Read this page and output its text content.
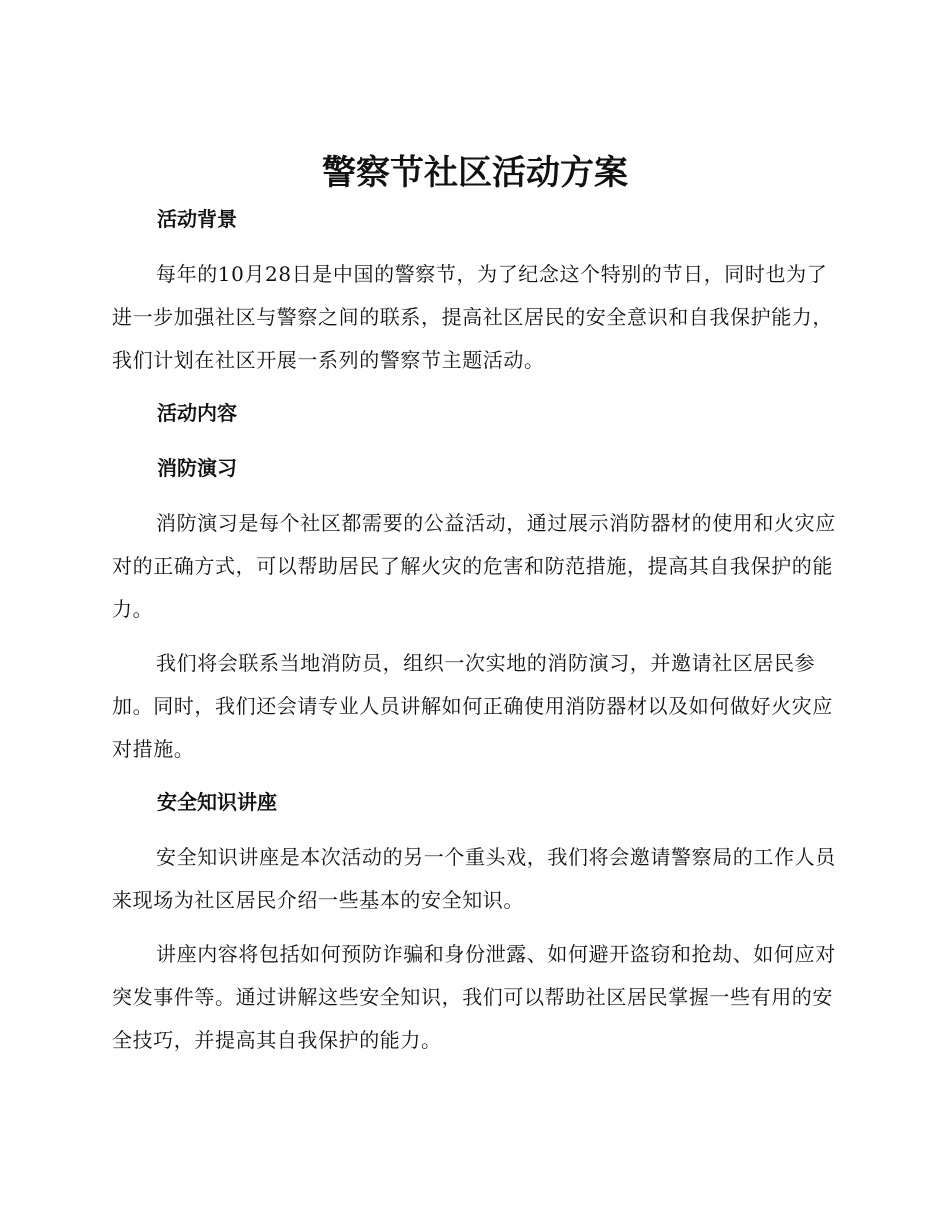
警察节社区活动方案
活动背景

每年的10月28日是中国的警察节，为了纪念这个特别的节日，同时也为了进一步加强社区与警察之间的联系，提高社区居民的安全意识和自我保护能力，我们计划在社区开展一系列的警察节主题活动。

活动内容
消防演习

消防演习是每个社区都需要的公益活动，通过展示消防器材的使用和火灾应对的正确方式，可以帮助居民了解火灾的危害和防范措施，提高其自我保护的能力。

我们将会联系当地消防员，组织一次实地的消防演习，并邀请社区居民参加。同时，我们还会请专业人员讲解如何正确使用消防器材以及如何做好火灾应对措施。

安全知识讲座

安全知识讲座是本次活动的另一个重头戏，我们将会邀请警察局的工作人员来现场为社区居民介绍一些基本的安全知识。

讲座内容将包括如何预防诈骗和身份泄露、如何避开盗窃和抢劫、如何应对突发事件等。通过讲解这些安全知识，我们可以帮助社区居民掌握一些有用的安全技巧，并提高其自我保护的能力。
